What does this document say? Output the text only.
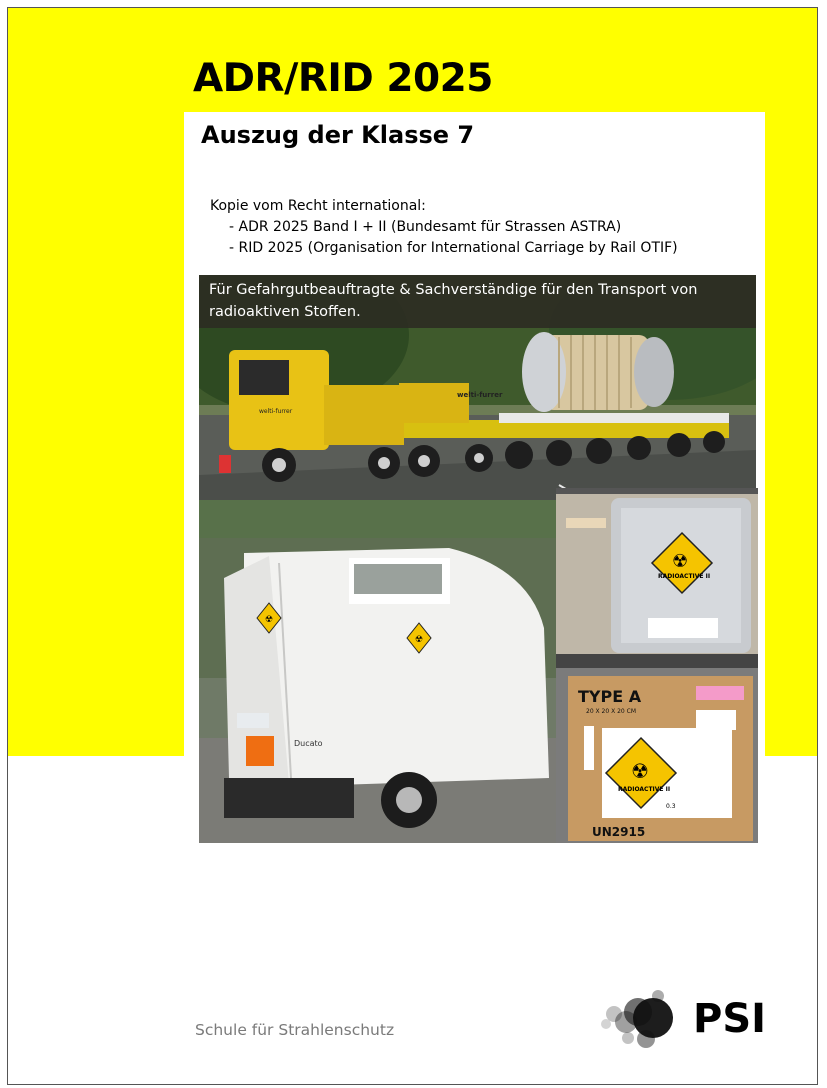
ADR/RID 2025
Auszug der Klasse 7
Kopie vom Recht international:
- ADR 2025 Band I + II (Bundesamt für Strassen ASTRA)
- RID 2025 (Organisation for International Carriage by Rail OTIF)
welti-furrer
welti-furrer
Für Gefahrgutbeauftragte & Sachverständige für den Transport von
radioaktiven Stoffen.
☢
☢
Ducato
☢
RADIOACTIVE II
TYPE A
20 X 20 X 20 CM
☢
RADIOACTIVE II
0.3
UN2915
Schule für Strahlenschutz	PSI
